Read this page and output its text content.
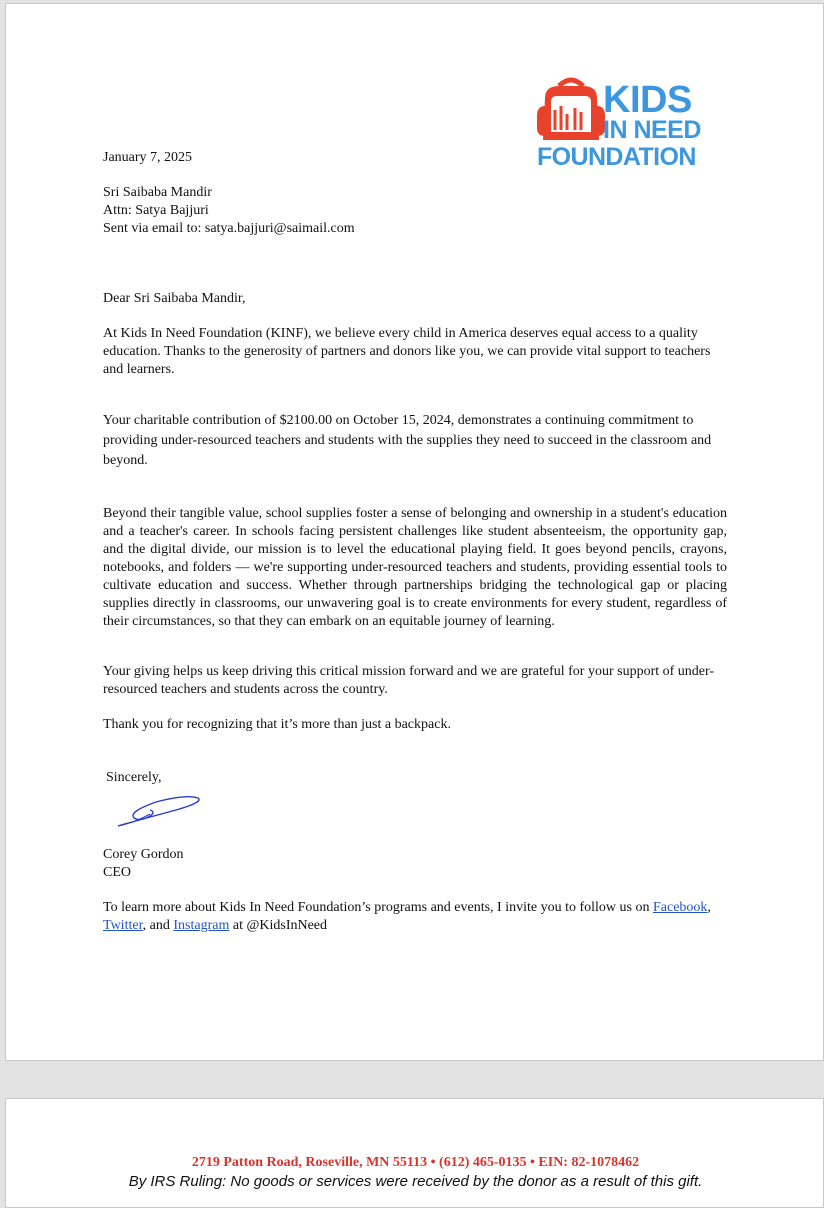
KIDS
IN NEED
FOUNDATION
January 7, 2025
Sri Saibaba Mandir
Attn: Satya Bajjuri
Sent via email to: satya.bajjuri@saimail.com
Dear Sri Saibaba Mandir,
At Kids In Need Foundation (KINF), we believe every child in America deserves equal access to a quality education. Thanks to the generosity of partners and donors like you, we can provide vital support to teachers and learners.
Your charitable contribution of $2100.00 on October 15, 2024, demonstrates a continuing commitment to providing under-resourced teachers and students with the supplies they need to succeed in the classroom and beyond.
Beyond their tangible value, school supplies foster a sense of belonging and ownership in a student's education and a teacher's career. In schools facing persistent challenges like student absenteeism, the opportunity gap, and the digital divide, our mission is to level the educational playing field. It goes beyond pencils, crayons, notebooks, and folders — we're supporting under-resourced teachers and students, providing essential tools to cultivate education and success. Whether through partnerships bridging the technological gap or placing supplies directly in classrooms, our unwavering goal is to create environments for every student, regardless of their circumstances, so that they can embark on an equitable journey of learning.
Your giving helps us keep driving this critical mission forward and we are grateful for your support of under-resourced teachers and students across the country.
Thank you for recognizing that it’s more than just a backpack.
Sincerely,
Corey Gordon
CEO
To learn more about Kids In Need Foundation’s programs and events, I invite you to follow us on Facebook, Twitter, and Instagram at @KidsInNeed
2719 Patton Road, Roseville, MN 55113 • (612) 465-0135 • EIN: 82-1078462
By IRS Ruling: No goods or services were received by the donor as a result of this gift.
